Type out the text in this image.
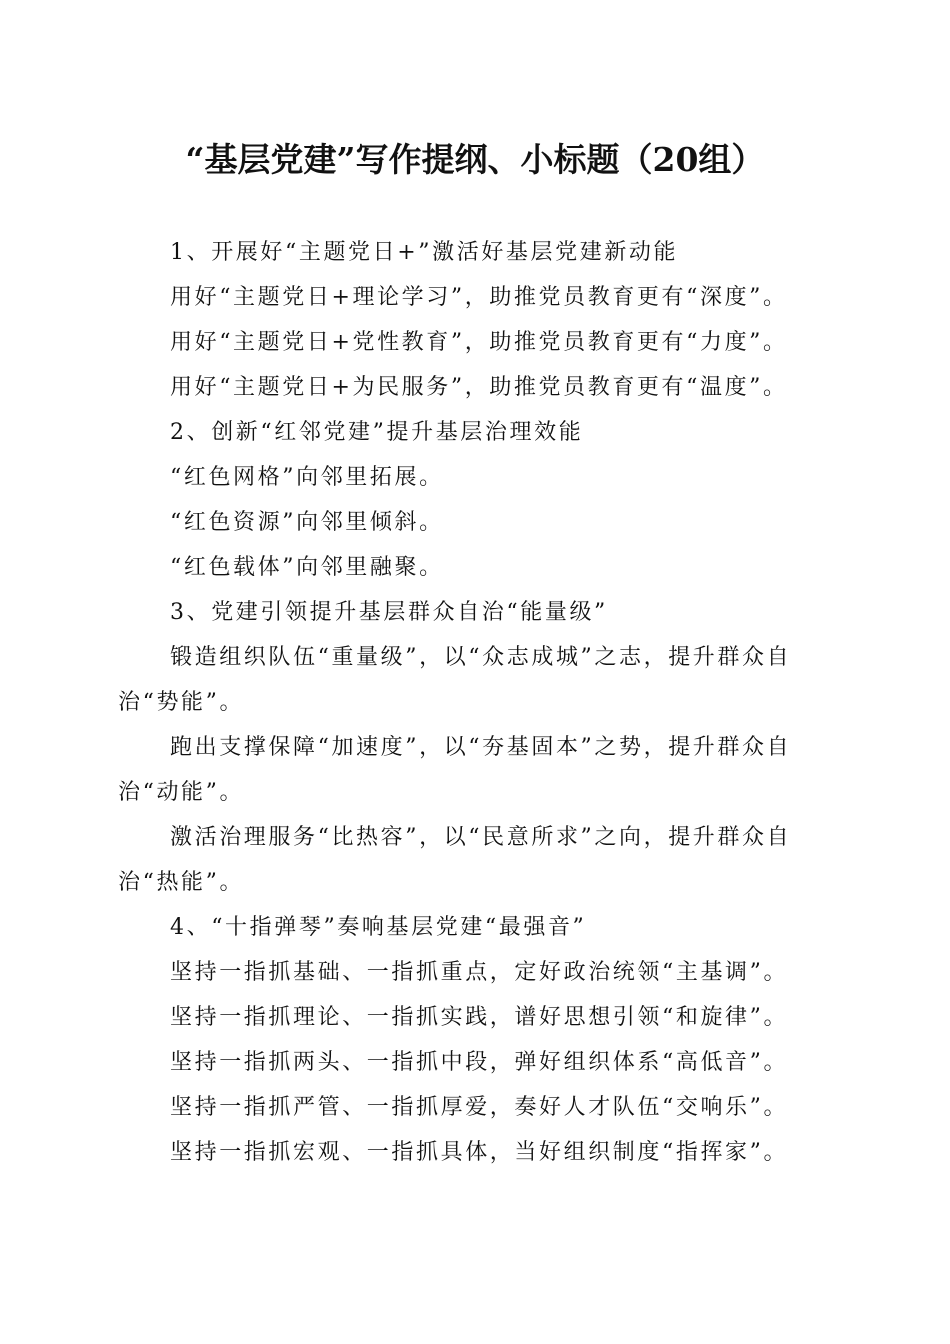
“基层党建”写作提纲、小标题（20组）

1、开展好“主题党日+”激活好基层党建新动能

用好“主题党日+理论学习”，助推党员教育更有“深度”。

用好“主题党日+党性教育”，助推党员教育更有“力度”。

用好“主题党日+为民服务”，助推党员教育更有“温度”。

2、创新“红邻党建”提升基层治理效能

“红色网格”向邻里拓展。

“红色资源”向邻里倾斜。

“红色载体”向邻里融聚。

3、党建引领提升基层群众自治“能量级”

锻造组织队伍“重量级”，以“众志成城”之志，提升群众自治“势能”。

跑出支撑保障“加速度”，以“夯基固本”之势，提升群众自治“动能”。

激活治理服务“比热容”，以“民意所求”之向，提升群众自治“热能”。

4、“十指弹琴”奏响基层党建“最强音”

坚持一指抓基础、一指抓重点，定好政治统领“主基调”。

坚持一指抓理论、一指抓实践，谱好思想引领“和旋律”。

坚持一指抓两头、一指抓中段，弹好组织体系“高低音”。

坚持一指抓严管、一指抓厚爱，奏好人才队伍“交响乐”。

坚持一指抓宏观、一指抓具体，当好组织制度“指挥家”。
